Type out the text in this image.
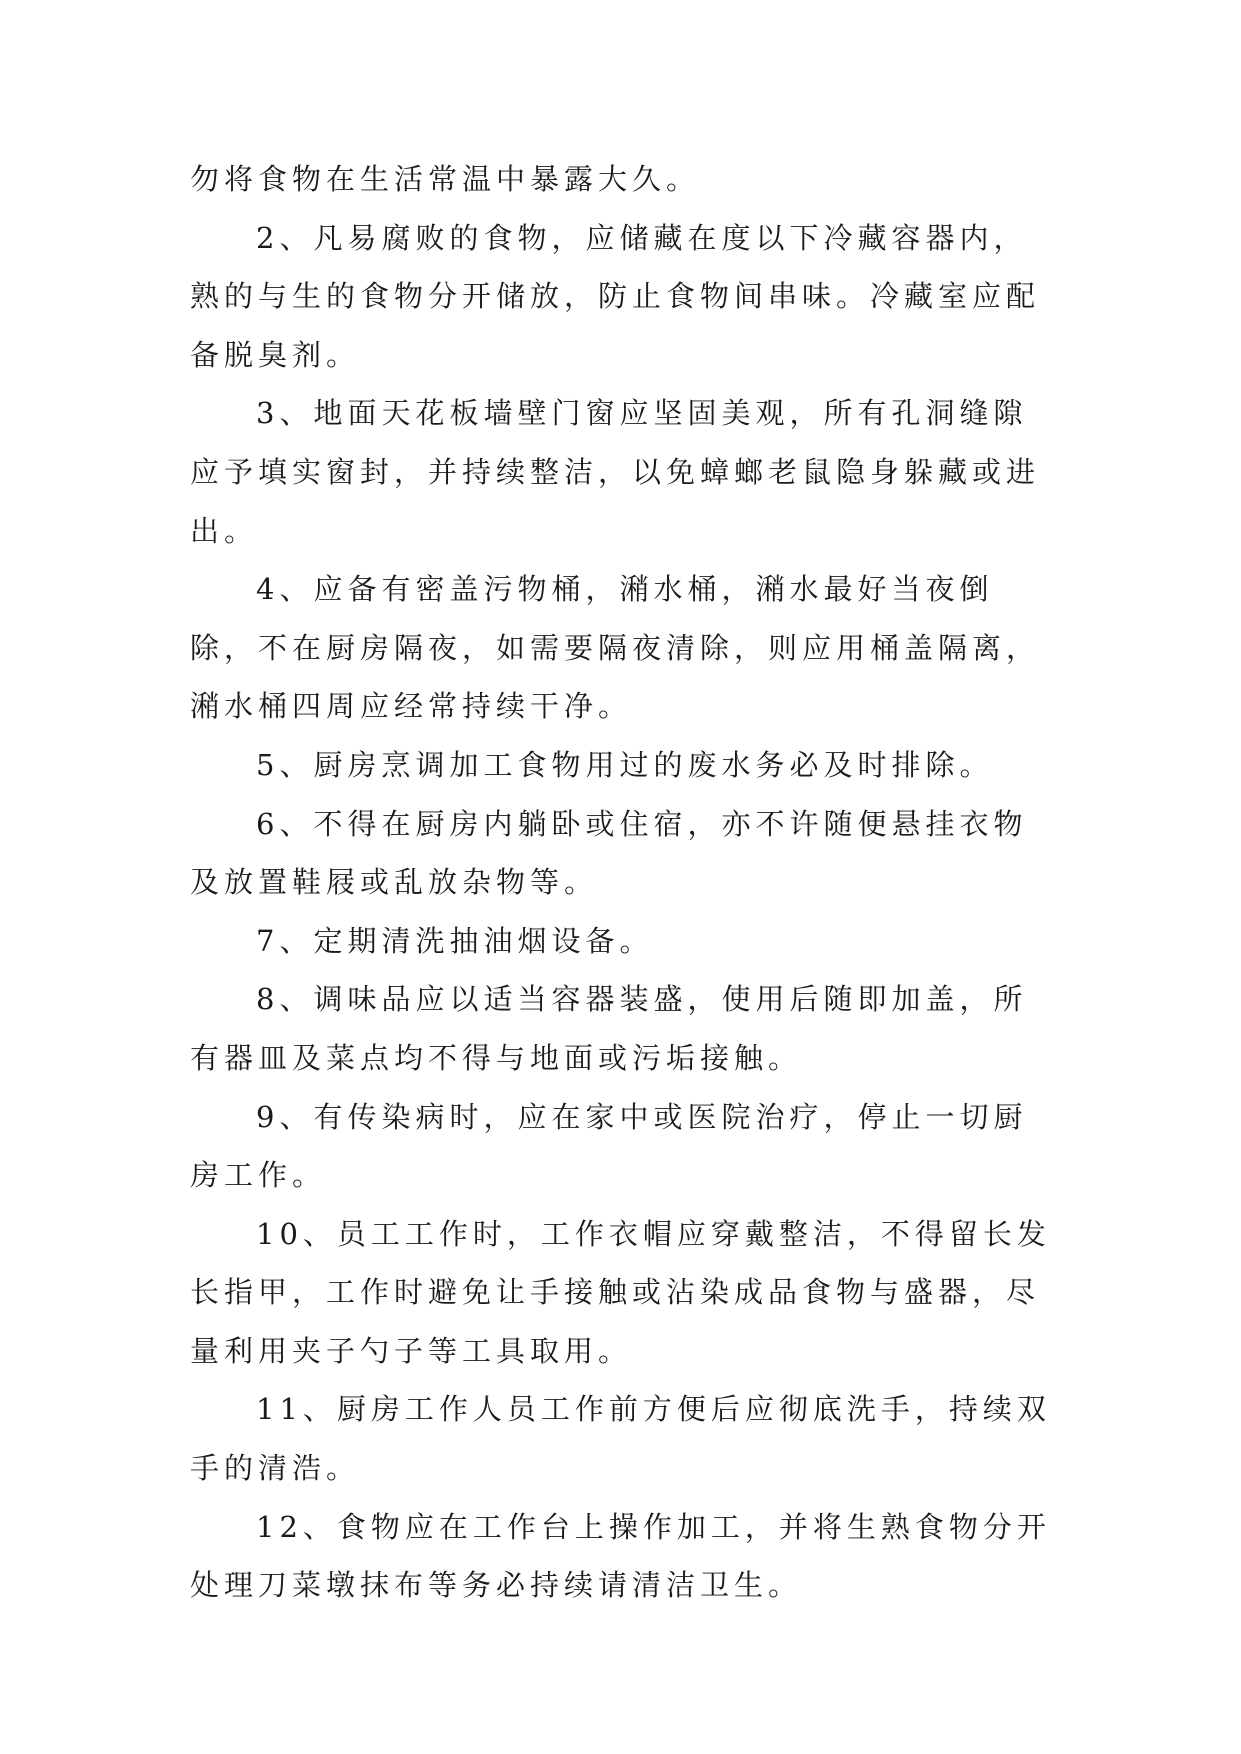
勿将食物在生活常温中暴露大久。

2、凡易腐败的食物，应储藏在度以下冷藏容器内，熟的与生的食物分开储放，防止食物间串味。冷藏室应配备脱臭剂。

3、地面天花板墙壁门窗应坚固美观，所有孔洞缝隙应予填实窗封，并持续整洁，以免蟑螂老鼠隐身躲藏或进出。

4、应备有密盖污物桶，潲水桶，潲水最好当夜倒除，不在厨房隔夜，如需要隔夜清除，则应用桶盖隔离，潲水桶四周应经常持续干净。

5、厨房烹调加工食物用过的废水务必及时排除。

6、不得在厨房内躺卧或住宿，亦不许随便悬挂衣物及放置鞋屐或乱放杂物等。

7、定期清洗抽油烟设备。

8、调味品应以适当容器装盛，使用后随即加盖，所有器皿及菜点均不得与地面或污垢接触。

9、有传染病时，应在家中或医院治疗，停止一切厨房工作。

10、员工工作时，工作衣帽应穿戴整洁，不得留长发长指甲，工作时避免让手接触或沾染成品食物与盛器，尽量利用夹子勺子等工具取用。

11、厨房工作人员工作前方便后应彻底洗手，持续双手的清浩。

12、食物应在工作台上操作加工，并将生熟食物分开处理刀菜墩抹布等务必持续请清洁卫生。
